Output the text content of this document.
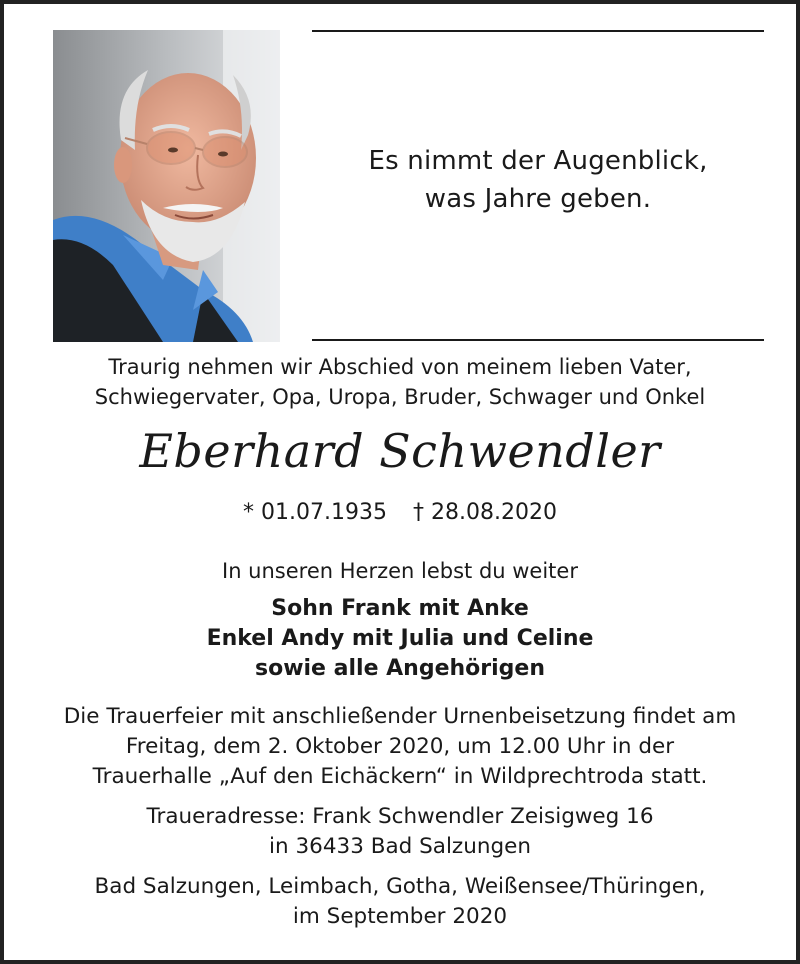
Es nimmt der Augenblick,
was Jahre geben.
Traurig nehmen wir Abschied von meinem lieben Vater,
Schwiegervater, Opa, Uropa, Bruder, Schwager und Onkel
Eberhard Schwendler
* 01.07.1935 † 28.08.2020
In unseren Herzen lebst du weiter
Sohn Frank mit Anke
Enkel Andy mit Julia und Celine
sowie alle Angehörigen
Die Trauerfeier mit anschließender Urnenbeisetzung findet am
Freitag, dem 2. Oktober 2020, um 12.00 Uhr in der
Trauerhalle „Auf den Eichäckern“ in Wildprechtroda statt.
Traueradresse: Frank Schwendler Zeisigweg 16
in 36433 Bad Salzungen
Bad Salzungen, Leimbach, Gotha, Weißensee/Thüringen,
im September 2020
